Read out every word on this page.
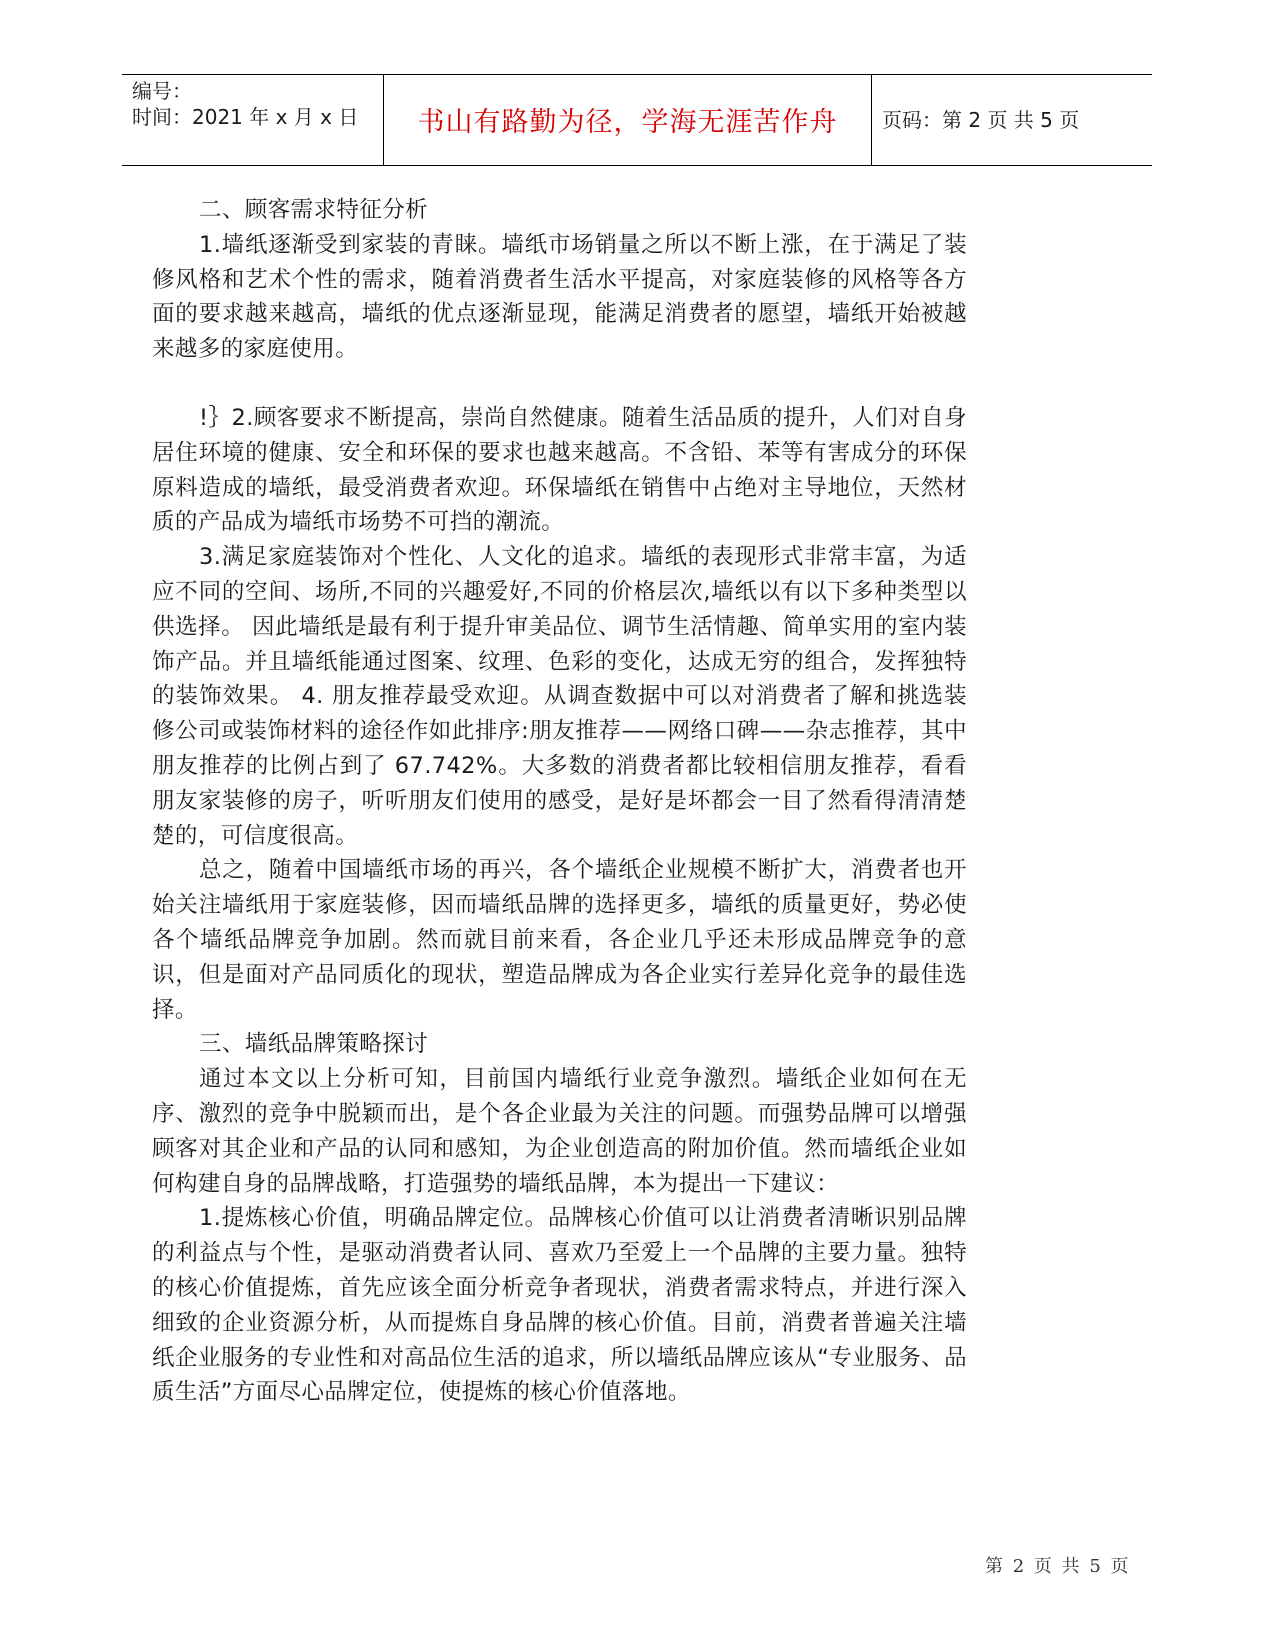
编号：
时间：2021 年 x 月 x 日	书山有路勤为径，学海无涯苦作舟	页码：第 2 页 共 5 页

二、顾客需求特征分析

1.墙纸逐渐受到家装的青睐。墙纸市场销量之所以不断上涨，在于满足了装修风格和艺术个性的需求，随着消费者生活水平提高，对家庭装修的风格等各方面的要求越来越高，墙纸的优点逐渐显现，能满足消费者的愿望，墙纸开始被越来越多的家庭使用。

!｝2.顾客要求不断提高，崇尚自然健康。随着生活品质的提升，人们对自身居住环境的健康、安全和环保的要求也越来越高。不含铅、苯等有害成分的环保原料造成的墙纸，最受消费者欢迎。环保墙纸在销售中占绝对主导地位，天然材质的产品成为墙纸市场势不可挡的潮流。

3.满足家庭装饰对个性化、人文化的追求。墙纸的表现形式非常丰富，为适应不同的空间、场所,不同的兴趣爱好,不同的价格层次,墙纸以有以下多种类型以供选择。 因此墙纸是最有利于提升审美品位、调节生活情趣、简单实用的室内装饰产品。并且墙纸能通过图案、纹理、色彩的变化，达成无穷的组合，发挥独特的装饰效果。 4. 朋友推荐最受欢迎。从调查数据中可以对消费者了解和挑选装修公司或装饰材料的途径作如此排序:朋友推荐——网络口碑——杂志推荐，其中朋友推荐的比例占到了 67.742%。大多数的消费者都比较相信朋友推荐，看看朋友家装修的房子，听听朋友们使用的感受，是好是坏都会一目了然看得清清楚楚的，可信度很高。

总之，随着中国墙纸市场的再兴，各个墙纸企业规模不断扩大，消费者也开始关注墙纸用于家庭装修，因而墙纸品牌的选择更多，墙纸的质量更好，势必使各个墙纸品牌竞争加剧。然而就目前来看，各企业几乎还未形成品牌竞争的意识，但是面对产品同质化的现状，塑造品牌成为各企业实行差异化竞争的最佳选择。

三、墙纸品牌策略探讨

通过本文以上分析可知，目前国内墙纸行业竞争激烈。墙纸企业如何在无序、激烈的竞争中脱颖而出，是个各企业最为关注的问题。而强势品牌可以增强顾客对其企业和产品的认同和感知，为企业创造高的附加价值。然而墙纸企业如何构建自身的品牌战略，打造强势的墙纸品牌，本为提出一下建议：

1.提炼核心价值，明确品牌定位。品牌核心价值可以让消费者清晰识别品牌的利益点与个性，是驱动消费者认同、喜欢乃至爱上一个品牌的主要力量。独特的核心价值提炼，首先应该全面分析竞争者现状，消费者需求特点，并进行深入细致的企业资源分析，从而提炼自身品牌的核心价值。目前，消费者普遍关注墙纸企业服务的专业性和对高品位生活的追求，所以墙纸品牌应该从“专业服务、品质生活”方面尽心品牌定位，使提炼的核心价值落地。

第 2 页 共 5 页
